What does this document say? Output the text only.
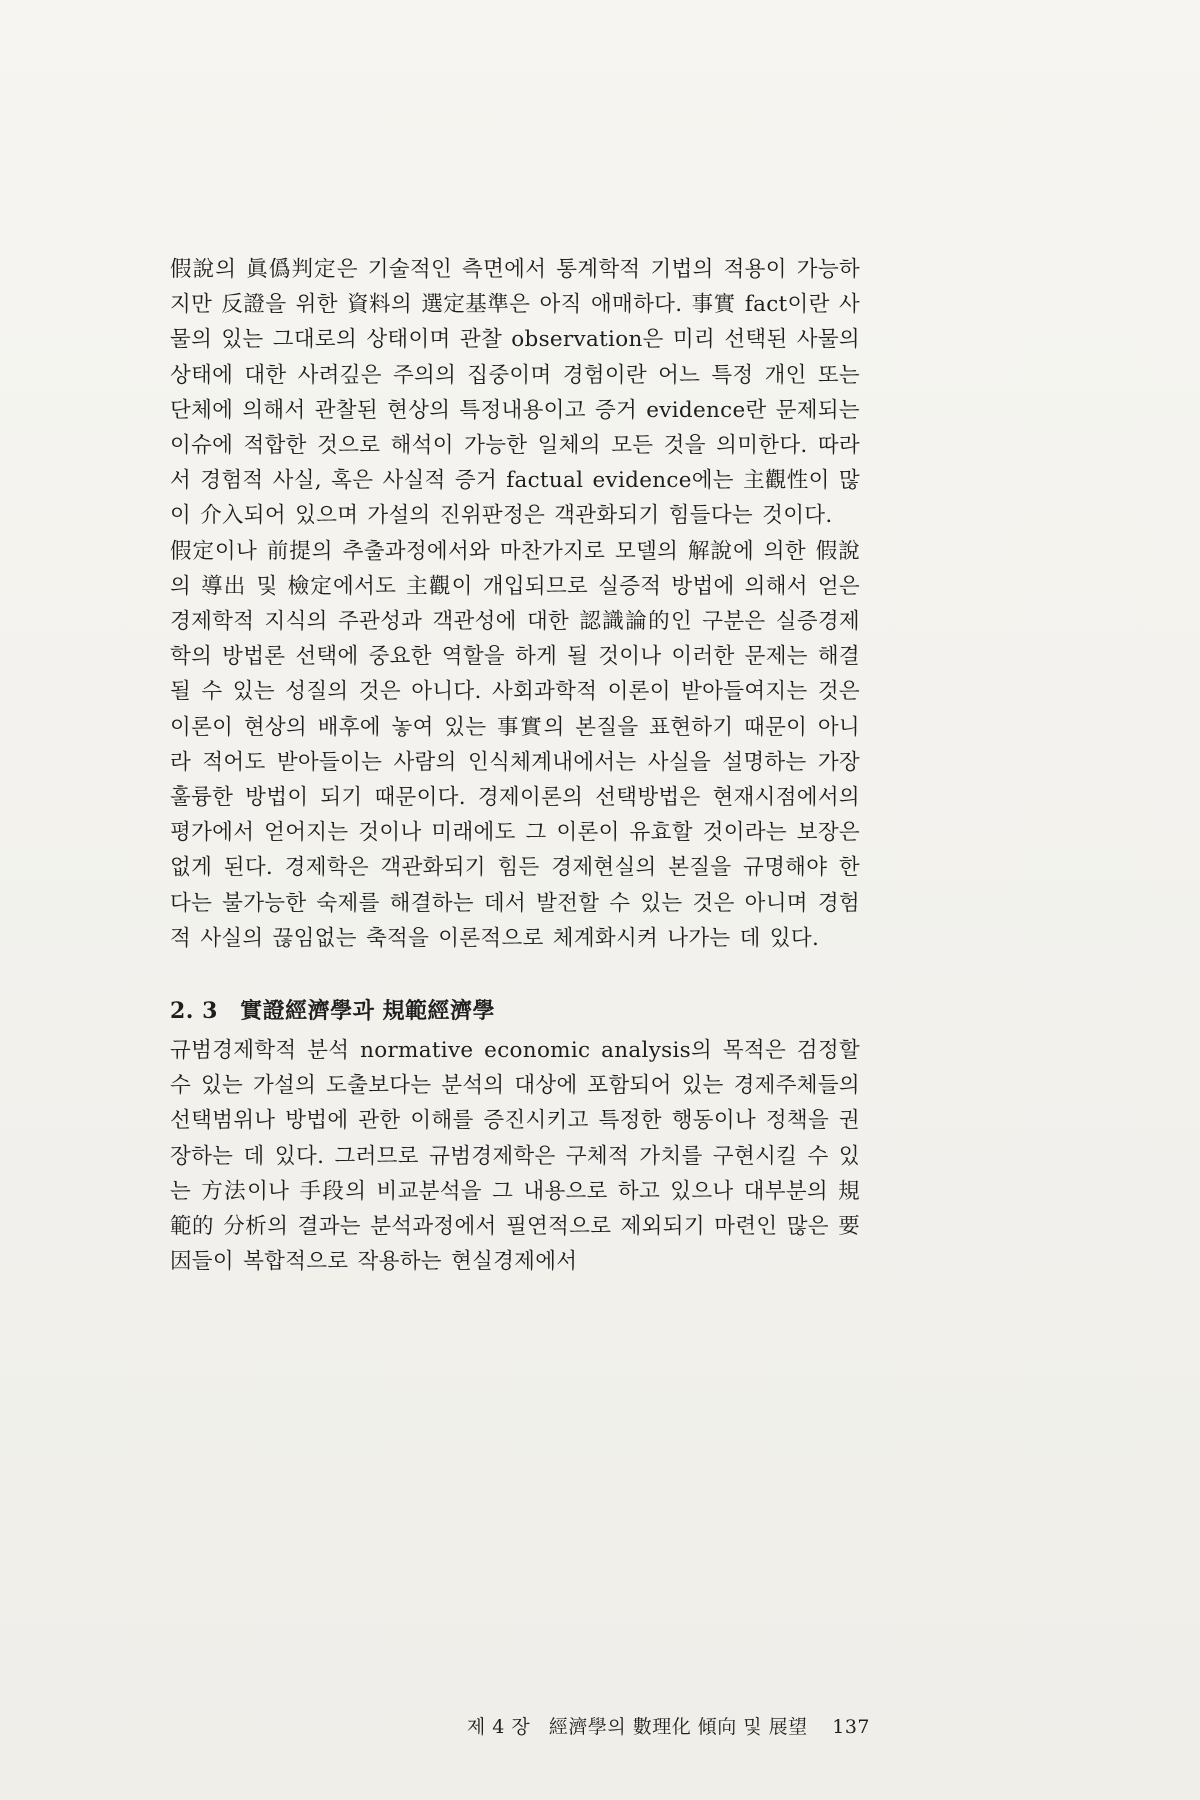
假說의 眞僞判定은 기술적인 측면에서 통계학적 기법의 적용이 가능하지만 反證을 위한 資料의 選定基準은 아직 애매하다. 事實 fact이란 사물의 있는 그대로의 상태이며 관찰 observation은 미리 선택된 사물의 상태에 대한 사려깊은 주의의 집중이며 경험이란 어느 특정 개인 또는 단체에 의해서 관찰된 현상의 특정내용이고 증거 evidence란 문제되는 이슈에 적합한 것으로 해석이 가능한 일체의 모든 것을 의미한다. 따라서 경험적 사실, 혹은 사실적 증거 factual evidence에는 主觀性이 많이 介入되어 있으며 가설의 진위판정은 객관화되기 힘들다는 것이다.

假定이나 前提의 추출과정에서와 마찬가지로 모델의 解說에 의한 假說의 導出 및 檢定에서도 主觀이 개입되므로 실증적 방법에 의해서 얻은 경제학적 지식의 주관성과 객관성에 대한 認識論的인 구분은 실증경제학의 방법론 선택에 중요한 역할을 하게 될 것이나 이러한 문제는 해결될 수 있는 성질의 것은 아니다. 사회과학적 이론이 받아들여지는 것은 이론이 현상의 배후에 놓여 있는 事實의 본질을 표현하기 때문이 아니라 적어도 받아들이는 사람의 인식체계내에서는 사실을 설명하는 가장 훌륭한 방법이 되기 때문이다. 경제이론의 선택방법은 현재시점에서의 평가에서 얻어지는 것이나 미래에도 그 이론이 유효할 것이라는 보장은 없게 된다. 경제학은 객관화되기 힘든 경제현실의 본질을 규명해야 한다는 불가능한 숙제를 해결하는 데서 발전할 수 있는 것은 아니며 경험적 사실의 끊임없는 축적을 이론적으로 체계화시켜 나가는 데 있다.

2. 3 實證經濟學과 規範經濟學

규범경제학적 분석 normative economic analysis의 목적은 검정할 수 있는 가설의 도출보다는 분석의 대상에 포함되어 있는 경제주체들의 선택범위나 방법에 관한 이해를 증진시키고 특정한 행동이나 정책을 권장하는 데 있다. 그러므로 규범경제학은 구체적 가치를 구현시킬 수 있는 方法이나 手段의 비교분석을 그 내용으로 하고 있으나 대부분의 規範的 分析의 결과는 분석과정에서 필연적으로 제외되기 마련인 많은 要因들이 복합적으로 작용하는 현실경제에서

제 4 장 經濟學의 數理化 傾向 및 展望 137
